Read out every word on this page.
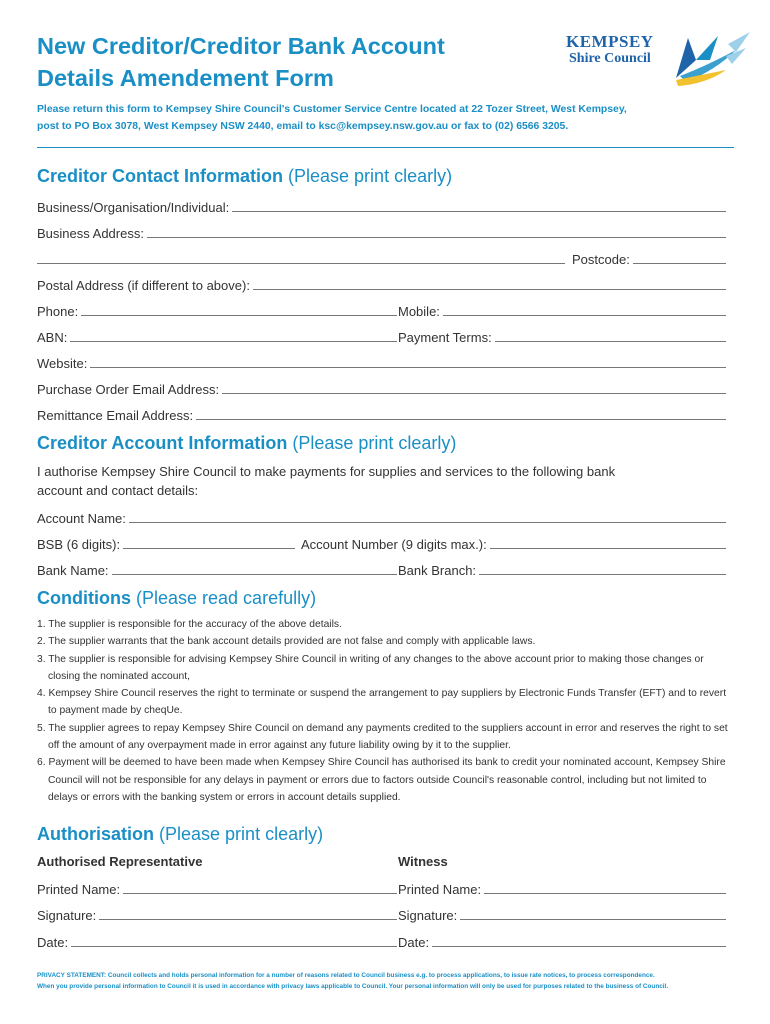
New Creditor/Creditor Bank Account
Details Amendement Form
KEMPSEY
Shire Council
Please return this form to Kempsey Shire Council's Customer Service Centre located at 22 Tozer Street, West Kempsey,
post to PO Box 3078, West Kempsey NSW 2440, email to ksc@kempsey.nsw.gov.au or fax to (02) 6566 3205.
Creditor Contact Information (Please print clearly)
Business/Organisation/Individual:
Business Address:
Postcode:
Postal Address (if different to above):
Phone:	Mobile:
ABN:	Payment Terms:
Website:
Purchase Order Email Address:
Remittance Email Address:
Creditor Account Information (Please print clearly)
I authorise Kempsey Shire Council to make payments for supplies and services to the following bank
account and contact details:
Account Name:
BSB (6 digits):	Account Number (9 digits max.):
Bank Name:	Bank Branch:
Conditions (Please read carefully)
1. The supplier is responsible for the accuracy of the above details.
2. The supplier warrants that the bank account details provided are not false and comply with applicable laws.
3. The supplier is responsible for advising Kempsey Shire Council in writing of any changes to the above account prior to making those changes or closing the nominated account,
4. Kempsey Shire Council reserves the right to terminate or suspend the arrangement to pay suppliers by Electronic Funds Transfer (EFT) and to revert to payment made by cheqUe.
5. The supplier agrees to repay Kempsey Shire Council on demand any payments credited to the suppliers account in error and reserves the right to set off the amount of any overpayment made in error against any future liability owing by it to the supplier.
6. Payment will be deemed to have been made when Kempsey Shire Council has authorised its bank to credit your nominated account, Kempsey Shire Council will not be responsible for any delays in payment or errors due to factors outside Council's reasonable control, including but not limited to delays or errors with the banking system or errors in account details supplied.
Authorisation (Please print clearly)
Authorised Representative	Witness
Printed Name:	Printed Name:
Signature:	Signature:
Date:	Date:
PRIVACY STATEMENT: Council collects and holds personal information for a number of reasons related to Council business e.g. to process applications, to issue rate notices, to process correspondence.
When you provide personal information to Council it is used in accordance with privacy laws applicable to Council. Your personal information will only be used for purposes related to the business of Council.
